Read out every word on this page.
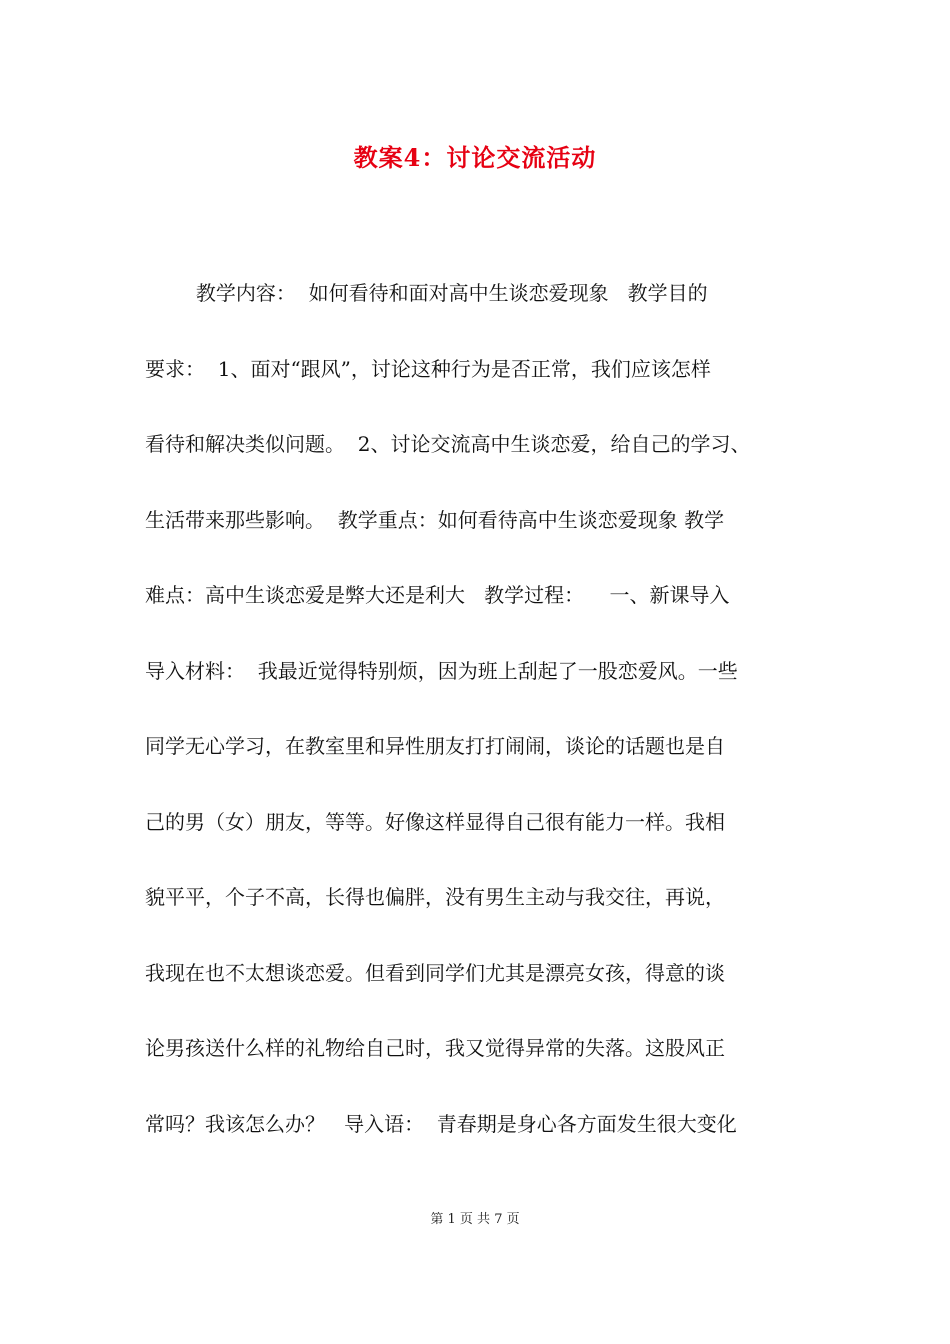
教案4：讨论交流活动
教学内容：  如何看待和面对高中生谈恋爱现象   教学目的
要求：  1、面对“跟风”，讨论这种行为是否正常，我们应该怎样
看待和解决类似问题。  2、讨论交流高中生谈恋爱，给自己的学习、
生活带来那些影响。  教学重点：如何看待高中生谈恋爱现象 教学
难点：高中生谈恋爱是弊大还是利大   教学过程：    一、新课导入
导入材料：  我最近觉得特别烦，因为班上刮起了一股恋爱风。一些
同学无心学习，在教室里和异性朋友打打闹闹，谈论的话题也是自
己的男（女）朋友，等等。好像这样显得自己很有能力一样。我相
貌平平，个子不高，长得也偏胖，没有男生主动与我交往，再说，
我现在也不太想谈恋爱。但看到同学们尤其是漂亮女孩，得意的谈
论男孩送什么样的礼物给自己时，我又觉得异常的失落。这股风正
常吗？我该怎么办？   导入语：  青春期是身心各方面发生很大变化
第 1 页 共 7 页
